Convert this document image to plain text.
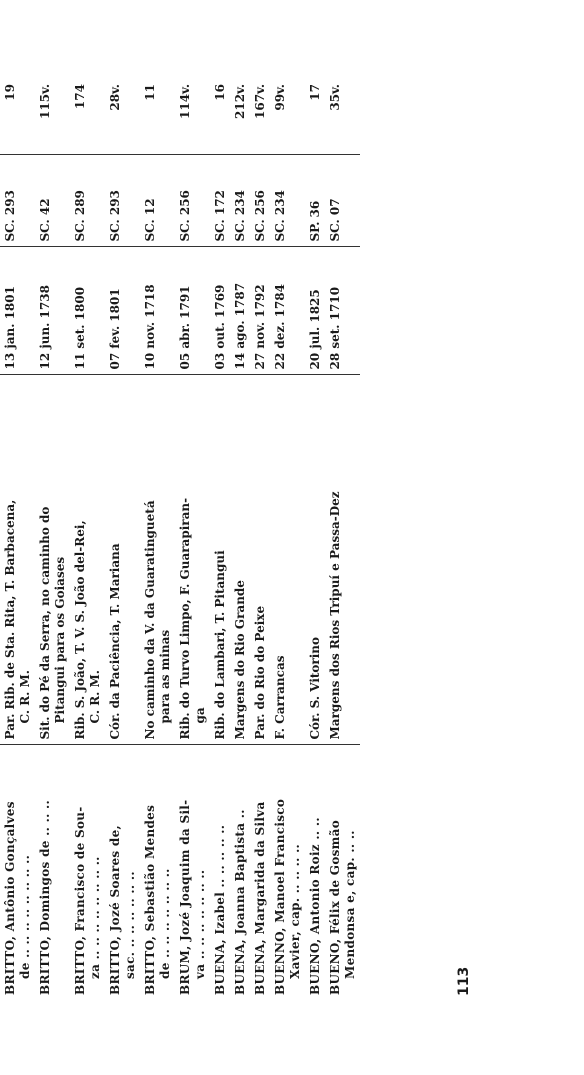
BRITTO, Antônio Gonçalves de .. .. .. .. .. .. .. ..	Par. Rib. de Sta. Rita, T. Barbacena, C. R. M.	13 jan. 1801	SC. 293	19

BRITTO, Domingos de .. .. ..	Sit. do Pé da Serra, no caminho do Pitangui para os Goiases	12 jun. 1738	SC. 42	115v.

BRITTO, Francisco de Sou- za .. .. .. .. .. .. .. ..	Rib. S. João, T. V. S. João del-Rei, C. R. M.	11 set. 1800	SC. 289	174

BRITTO, Jozé Soares de, sac. .. .. .. .. .. ..	Cór. da Paciência, T. Mariana	07 fev. 1801	SC. 293	28v.

BRITTO, Sebastião Mendes de .. .. .. .. .. .. ..	No caminho da V. da Guaratinguetá para as minas	10 nov. 1718	SC. 12	11

BRUM, Jozé Joaquim da Sil- va .. .. .. .. .. .. ..	Rib. do Turvo Limpo, F. Guarapiran- ga	05 abr. 1791	SC. 256	114v.

BUENA, Izabel .. .. .. .. ..	Rib. do Lambari, T. Pitangui	03 out. 1769	SC. 172	16

BUENA, Joanna Baptista ..	Margens do Rio Grande	14 ago. 1787	SC. 234	212v.

BUENA, Margarida da Silva	Par. do Rio do Peixe	27 nov. 1792	SC. 256	167v.

BUENNO, Manoel Francisco Xavier, cap. .. .. .. ..	F. Carrancas	22 dez. 1784	SC. 234	99v.

BUENO, Antonio Roiz .. ..	Cór. S. Vitorino	20 jul. 1825	SP. 36	17

BUENO, Félix de Gosmão Mendonsa e, cap. .. ..	Margens dos Rios Tripuí e Passa-Dez	28 set. 1710	SC. 07	35v.
113
